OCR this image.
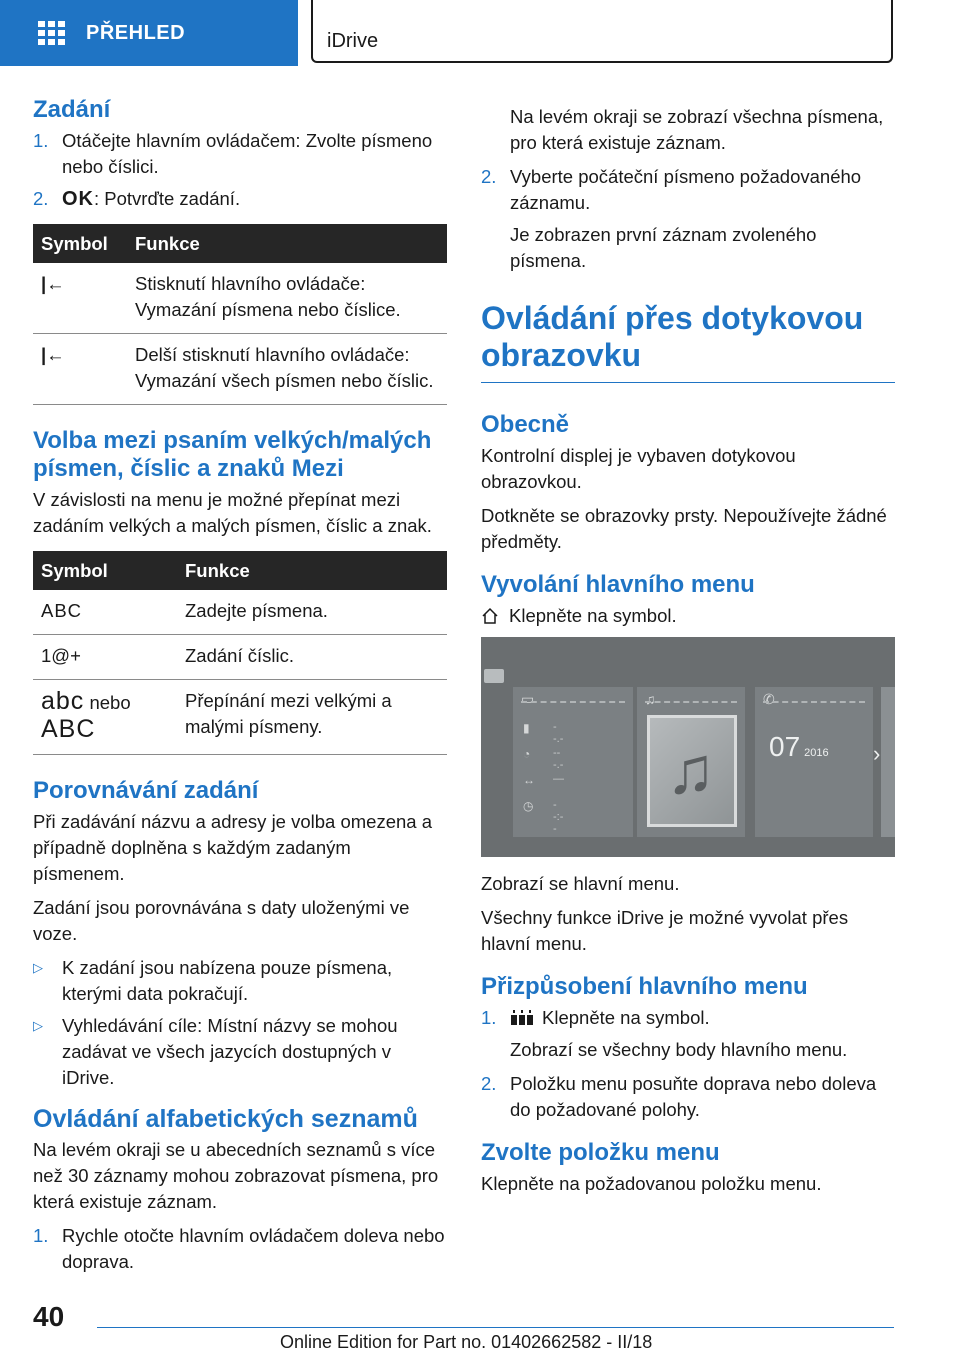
PŘEHLED	iDrive
Zadání
1. Otáčejte hlavním ovládačem: Zvolte písmeno nebo číslici.
2. OK: Potvrďte zadání.
Symbol	Funkce
|←	Stisknutí hlavního ovládače: Vymazání písmena nebo číslice.
|←	Delší stisknutí hlavního ovládače: Vymazání všech písmen nebo číslic.
Volba mezi psaním velkých/malých písmen, číslic a znaků Mezi

V závislosti na menu je možné přepínat mezi zadáním velkých a malých písmen, číslic a znak.

Symbol	Funkce
ABC	Zadejte písmena.
1@+	Zadání číslic.
abc nebo
ABC	Přepínání mezi velkými a malými písmeny.
Porovnávání zadání

Při zadávání názvu a adresy je volba omezena a případně doplněna s každým zadaným písmenem.

Zadání jsou porovnávána s daty uloženými ve voze.

▷	K zadání jsou nabízena pouze písmena, kterými data pokračují.
▷	Vyhledávání cíle: Místní názvy se mohou zadávat ve všech jazycích dostupných v iDrive.
Ovládání alfabetických seznamů

Na levém okraji se u abecedních seznamů s více než 30 záznamy mohou zobrazovat písmena, pro která existuje záznam.

1. Rychle otočte hlavním ovládačem doleva nebo doprava.

Na levém okraji se zobrazí všechna písmena, pro která existuje záznam.

2. Vyberte počáteční písmeno požadovaného záznamu.

Je zobrazen první záznam zvoleného písmena.

Ovládání přes dotykovou obrazovku
Obecně

Kontrolní displej je vybaven dotykovou obrazovkou.

Dotkněte se obrazovky prsty. Nepoužívejte žádné předměty.

Vyvolání hlavního menu

Klepněte na symbol.

▭
▮ --.-
◔ ---.-
↔ —
◷ --:--
♫
♫
✆
07 2016 ›

Zobrazí se hlavní menu.

Všechny funkce iDrive je možné vyvolat přes hlavní menu.

Přizpůsobení hlavního menu
1.	Klepněte na symbol.

Zobrazí se všechny body hlavního menu.

2. Položku menu posuňte doprava nebo doleva do požadované polohy.
Zvolte položku menu

Klepněte na požadovanou položku menu.

40
Online Edition for Part no. 01402662582 - II/18
